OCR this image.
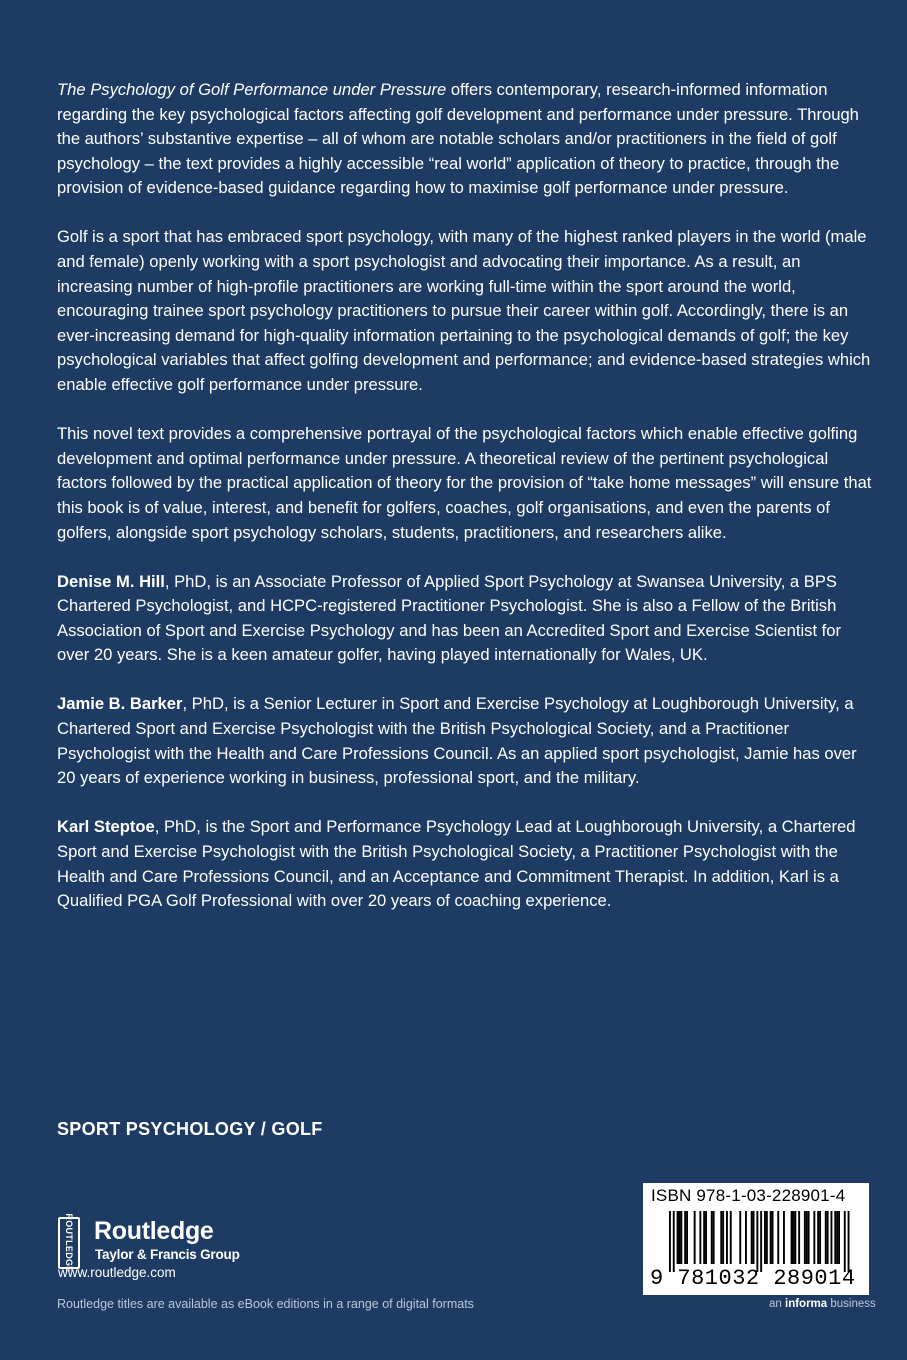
The Psychology of Golf Performance under Pressure offers contemporary, research-informed information regarding the key psychological factors affecting golf development and performance under pressure. Through the authors’ substantive expertise – all of whom are notable scholars and/or practitioners in the field of golf psychology – the text provides a highly accessible “real world” application of theory to practice, through the provision of evidence-based guidance regarding how to maximise golf performance under pressure.

Golf is a sport that has embraced sport psychology, with many of the highest ranked players in the world (male and female) openly working with a sport psychologist and advocating their importance. As a result, an increasing number of high-profile practitioners are working full-time within the sport around the world, encouraging trainee sport psychology practitioners to pursue their career within golf. Accordingly, there is an ever-increasing demand for high-quality information pertaining to the psychological demands of golf; the key psychological variables that affect golfing development and performance; and evidence-based strategies which enable effective golf performance under pressure.

This novel text provides a comprehensive portrayal of the psychological factors which enable effective golfing development and optimal performance under pressure. A theoretical review of the pertinent psychological factors followed by the practical application of theory for the provision of “take home messages” will ensure that this book is of value, interest, and benefit for golfers, coaches, golf organisations, and even the parents of golfers, alongside sport psychology scholars, students, practitioners, and researchers alike.

Denise M. Hill, PhD, is an Associate Professor of Applied Sport Psychology at Swansea University, a BPS Chartered Psychologist, and HCPC-registered Practitioner Psychologist. She is also a Fellow of the British Association of Sport and Exercise Psychology and has been an Accredited Sport and Exercise Scientist for over 20 years. She is a keen amateur golfer, having played internationally for Wales, UK.

Jamie B. Barker, PhD, is a Senior Lecturer in Sport and Exercise Psychology at Loughborough University, a Chartered Sport and Exercise Psychologist with the British Psychological Society, and a Practitioner Psychologist with the Health and Care Professions Council. As an applied sport psychologist, Jamie has over 20 years of experience working in business, professional sport, and the military.

Karl Steptoe, PhD, is the Sport and Performance Psychology Lead at Loughborough University, a Chartered Sport and Exercise Psychologist with the British Psychological Society, a Practitioner Psychologist with the Health and Care Professions Council, and an Acceptance and Commitment Therapist. In addition, Karl is a Qualified PGA Golf Professional with over 20 years of coaching experience.

SPORT PSYCHOLOGY / GOLF
ROUTLEDGE Routledge
Taylor & Francis Group
www.routledge.com
Routledge titles are available as eBook editions in a range of digital formats
ISBN 978-1-03-228901-4
9 781032 289014
an informa business
